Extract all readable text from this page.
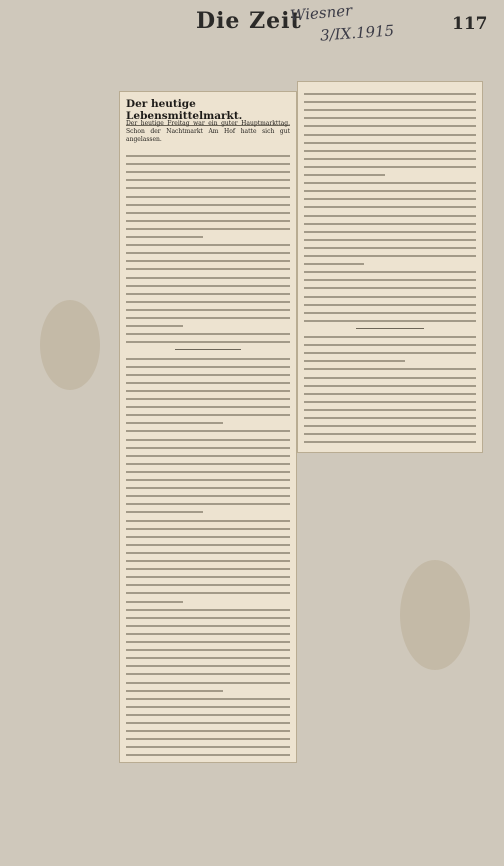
Die Zeit
Wiesner
3/IX.1915	117
Der heutige Lebensmittelmarkt.
Der heutige Freitag war ein guter Hauptmarkttag. Schon der Nachtmarkt Am Hof hatte sich gut angelassen.
